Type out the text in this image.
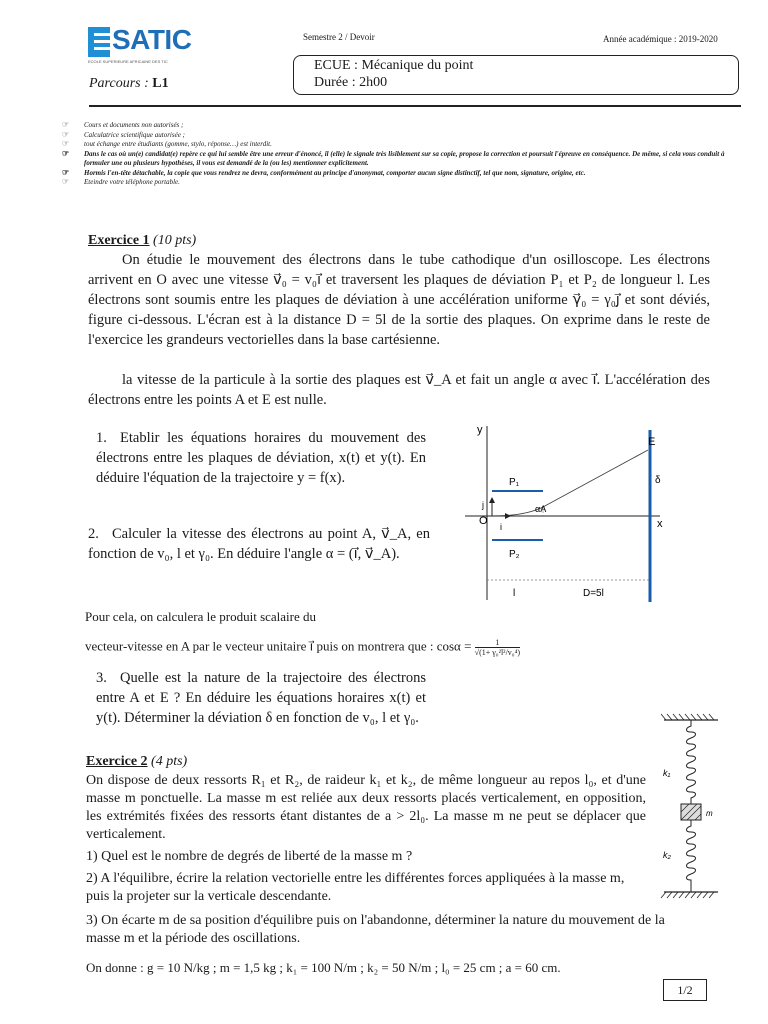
SATIC
ECOLE SUPERIEURE AFRICAINE DES TIC
Semestre 2 / Devoir	Année académique : 2019-2020
ECUE : Mécanique du point
Durée : 2h00
Parcours : L1
☞ Cours et documents non autorisés ;
☞ Calculatrice scientifique autorisée ;
☞ tout échange entre étudiants (gomme, stylo, réponse…) est interdit.
☞ Dans le cas où un(e) candidat(e) repère ce qui lui semble être une erreur d'énoncé, il (elle) le signale très lisiblement sur sa copie, propose la correction et poursuit l'épreuve en conséquence. De même, si cela vous conduit à formuler une ou plusieurs hypothèses, il vous est demandé de la (ou les) mentionner explicitement.
☞ Hormis l'en-tête détachable, la copie que vous rendrez ne devra, conformément au principe d'anonymat, comporter aucun signe distinctif, tel que nom, signature, origine, etc.
☞ Eteindre votre téléphone portable.
Exercice 1 (10 pts)
On étudie le mouvement des électrons dans le tube cathodique d'un osilloscope. Les électrons arrivent en O avec une vitesse v⃗₀ = v₀i⃗ et traversent les plaques de déviation P₁ et P₂ de longueur l. Les électrons sont soumis entre les plaques de déviation à une accélération uniforme γ⃗₀ = γ₀j⃗ et sont déviés, figure ci-dessous. L'écran est à la distance D = 5l de la sortie des plaques. On exprime dans le reste de l'exercice les grandeurs vectorielles dans la base cartésienne.
la vitesse de la particule à la sortie des plaques est v⃗_A et fait un angle α avec i⃗. L'accélération des électrons entre les points A et E est nulle.
1. Etablir les équations horaires du mouvement des électrons entre les plaques de déviation, x(t) et y(t). En déduire l'équation de la trajectoire y = f(x).
2. Calculer la vitesse des électrons au point A, v⃗_A, en fonction de v₀, l et γ₀. En déduire l'angle α = (i⃗, v⃗_A).
Pour cela, on calculera le produit scalaire du
vecteur-vitesse en A par le vecteur unitaire i⃗ puis on montrera que : $\cos\alpha = \frac{1}{\text{√(1+ γ₀²l²/v₀⁴)}}$
3. Quelle est la nature de la trajectoire des électrons entre A et E ? En déduire les équations horaires x(t) et y(t). Déterminer la déviation δ en fonction de v₀, l et γ₀.
y
E
P₁
P₂
O i
j	αA
δ
x
l	D=5l
Exercice 2 (4 pts)
On dispose de deux ressorts R₁ et R₂, de raideur k₁ et k₂, de même longueur au repos l₀, et d'une masse m ponctuelle. La masse m est reliée aux deux ressorts placés verticalement, en opposition, les extrémités fixées des ressorts étant distantes de a > 2l₀. La masse m ne peut se déplacer que verticalement.
1) Quel est le nombre de degrés de liberté de la masse m ?
2) A l'équilibre, écrire la relation vectorielle entre les différentes forces appliquées à la masse m, puis la projeter sur la verticale descendante.
3) On écarte m de sa position d'équilibre puis on l'abandonne, déterminer la nature du mouvement de la masse m et la période des oscillations.
On donne : g = 10 N/kg ; m = 1,5 kg ; k₁ = 100 N/m ; k₂ = 50 N/m ; l₀ = 25 cm ; a = 60 cm.
k₁
m
k₂
1/2
